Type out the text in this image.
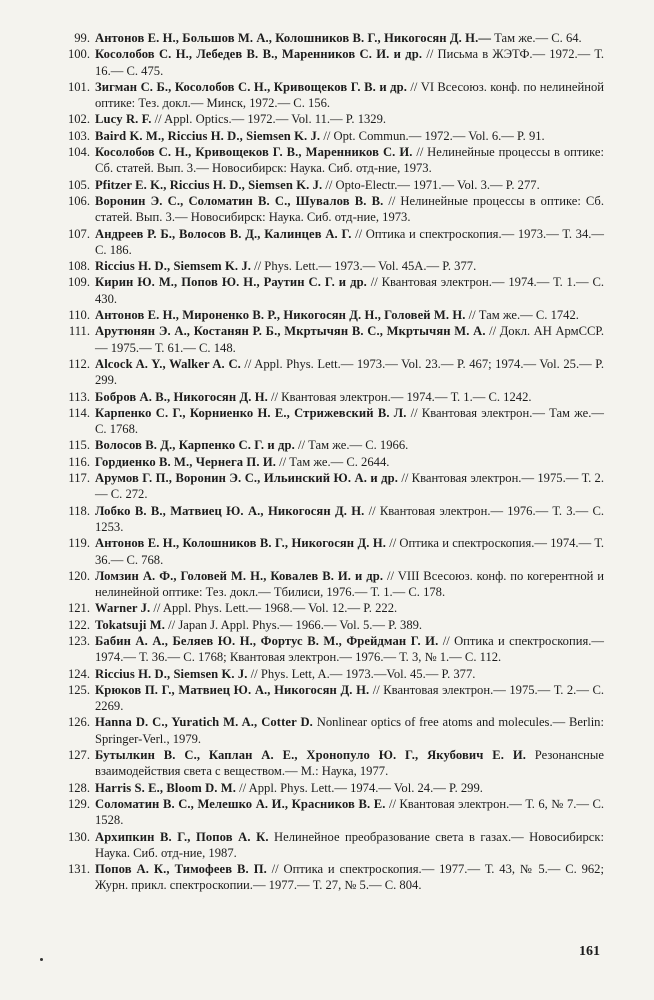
99. Антонов Е. Н., Большов М. А., Колошников В. Г., Никогосян Д. Н.— Там же.— С. 64.
100. Косолобов С. Н., Лебедев В. В., Маренников С. И. и др. // Письма в ЖЭТФ.— 1972.— Т. 16.— С. 475.
101. Зигман С. Б., Косолобов С. Н., Кривощеков Г. В. и др. // VI Всесоюз. конф. по нелинейной оптике: Тез. докл.— Минск, 1972.— С. 156.
102. Lucy R. F. // Appl. Optics.— 1972.— Vol. 11.— P. 1329.
103. Baird K. M., Riccius H. D., Siemsen K. J. // Opt. Commun.— 1972.— Vol. 6.— P. 91.
104. Косолобов С. Н., Кривощеков Г. В., Маренников С. И. // Нелинейные процессы в оптике: Сб. статей. Вып. 3.— Новосибирск: Наука. Сиб. отд-ние, 1973.
105. Pfitzer E. K., Riccius H. D., Siemsen K. J. // Opto-Electr.— 1971.— Vol. 3.— P. 277.
106. Воронин Э. С., Соломатин В. С., Шувалов В. В. // Нелинейные процессы в оптике: Сб. статей. Вып. 3.— Новосибирск: Наука. Сиб. отд-ние, 1973.
107. Андреев Р. Б., Волосов В. Д., Калинцев А. Г. // Оптика и спектроскопия.— 1973.— Т. 34.— С. 186.
108. Riccius H. D., Siemsem K. J. // Phys. Lett.— 1973.— Vol. 45A.— P. 377.
109. Кирин Ю. М., Попов Ю. Н., Раутин С. Г. и др. // Квантовая электрон.— 1974.— Т. 1.— С. 430.
110. Антонов Е. Н., Мироненко В. Р., Никогосян Д. Н., Головей М. Н. // Там же.— С. 1742.
111. Арутюнян Э. А., Костанян Р. Б., Мкртычян В. С., Мкртычян М. А. // Докл. АН АрмССР.— 1975.— Т. 61.— С. 148.
112. Alcock A. Y., Walker A. C. // Appl. Phys. Lett.— 1973.— Vol. 23.— P. 467; 1974.— Vol. 25.— P. 299.
113. Бобров А. В., Никогосян Д. Н. // Квантовая электрон.— 1974.— Т. 1.— С. 1242.
114. Карпенко С. Г., Корниенко Н. Е., Стрижевский В. Л. // Квантовая электрон.— Там же.— С. 1768.
115. Волосов В. Д., Карпенко С. Г. и др. // Там же.— С. 1966.
116. Гордиенко В. М., Чернега П. И. // Там же.— С. 2644.
117. Арумов Г. П., Воронин Э. С., Ильинский Ю. А. и др. // Квантовая электрон.— 1975.— Т. 2.— С. 272.
118. Лобко В. В., Матвиец Ю. А., Никогосян Д. Н. // Квантовая электрон.— 1976.— Т. 3.— С. 1253.
119. Антонов Е. Н., Колошников В. Г., Никогосян Д. Н. // Оптика и спектроскопия.— 1974.— Т. 36.— С. 768.
120. Ломзин А. Ф., Головей М. Н., Ковалев В. И. и др. // VIII Всесоюз. конф. по когерентной и нелинейной оптике: Тез. докл.— Тбилиси, 1976.— Т. 1.— С. 178.
121. Warner J. // Appl. Phys. Lett.— 1968.— Vol. 12.— P. 222.
122. Tokatsuji M. // Japan J. Appl. Phys.— 1966.— Vol. 5.— P. 389.
123. Бабин А. А., Беляев Ю. Н., Фортус В. М., Фрейдман Г. И. // Оптика и спектроскопия.— 1974.— Т. 36.— С. 1768; Квантовая электрон.— 1976.— Т. 3, № 1.— С. 112.
124. Riccius H. D., Siemsen K. J. // Phys. Lett, A.— 1973.—Vol. 45.— P. 377.
125. Крюков П. Г., Матвиец Ю. А., Никогосян Д. Н. // Квантовая электрон.— 1975.— Т. 2.— С. 2269.
126. Hanna D. C., Yuratich M. A., Cotter D. Nonlinear optics of free atoms and molecules.— Berlin: Springer-Verl., 1979.
127. Бутылкин В. С., Каплан А. Е., Хронопуло Ю. Г., Якубович Е. И. Резонансные взаимодействия света с веществом.— М.: Наука, 1977.
128. Harris S. E., Bloom D. M. // Appl. Phys. Lett.— 1974.— Vol. 24.— P. 299.
129. Соломатин В. С., Мелешко А. И., Красников В. Е. // Квантовая электрон.— Т. 6, № 7.— С. 1528.
130. Архипкин В. Г., Попов А. К. Нелинейное преобразование света в газах.— Новосибирск: Наука. Сиб. отд-ние, 1987.
131. Попов А. К., Тимофеев В. П. // Оптика и спектроскопия.— 1977.— Т. 43, № 5.— С. 962; Журн. прикл. спектроскопии.— 1977.— Т. 27, № 5.— С. 804.
161
